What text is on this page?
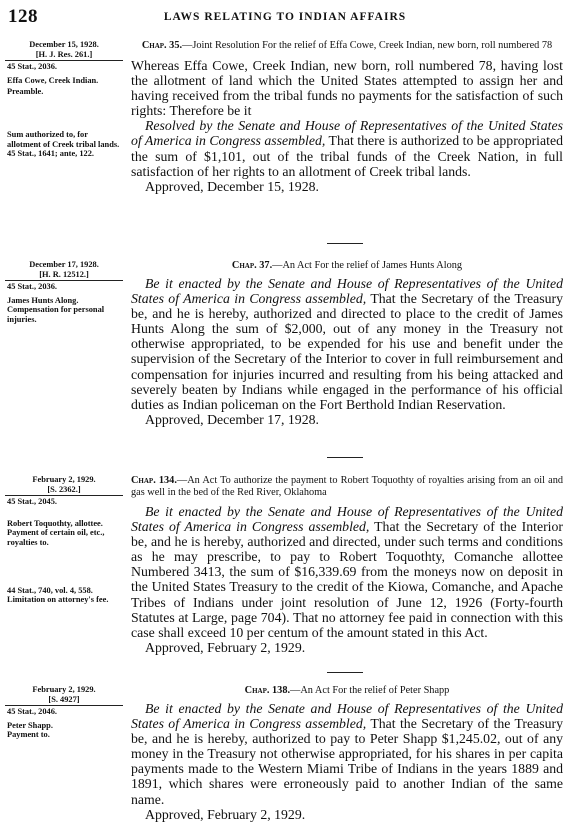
128	LAWS RELATING TO INDIAN AFFAIRS
December 15, 1928.
[H. J. Res. 261.]
45 Stat., 2036.
Effa Cowe, Creek Indian.
Preamble.
Sum authorized to, for allotment of Creek tribal lands.
45 Stat., 1641; ante, 122.
Chap. 35.—Joint Resolution For the relief of Effa Cowe, Creek Indian, new born, roll numbered 78

Whereas Effa Cowe, Creek Indian, new born, roll numbered 78, having lost the allotment of land which the United States attempted to assign her and having received from the tribal funds no payments for the satisfaction of such rights: Therefore be it

Resolved by the Senate and House of Representatives of the United States of America in Congress assembled, That there is authorized to be appropriated the sum of $1,101, out of the tribal funds of the Creek Nation, in full satisfaction of her rights to an allotment of Creek tribal lands.

Approved, December 15, 1928.
December 17, 1928.
[H. R. 12512.]
45 Stat., 2036.
James Hunts Along.
Compensation for personal injuries.
Chap. 37.—An Act For the relief of James Hunts Along

Be it enacted by the Senate and House of Representatives of the United States of America in Congress assembled, That the Secretary of the Treasury be, and he is hereby, authorized and directed to place to the credit of James Hunts Along the sum of $2,000, out of any money in the Treasury not otherwise appropriated, to be expended for his use and benefit under the supervision of the Secretary of the Interior to cover in full reimbursement and compensation for injuries incurred and resulting from his being attacked and severely beaten by Indians while engaged in the performance of his official duties as Indian policeman on the Fort Berthold Indian Reservation.

Approved, December 17, 1928.
February 2, 1929.
[S. 2362.]
45 Stat., 2045.
Robert Toquothty, allottee.
Payment of certain oil, etc., royalties to.
44 Stat., 740, vol. 4, 558.
Limitation on attorney's fee.
Chap. 134.—An Act To authorize the payment to Robert Toquothty of royalties arising from an oil and gas well in the bed of the Red River, Oklahoma

Be it enacted by the Senate and House of Representatives of the United States of America in Congress assembled, That the Secretary of the Interior be, and he is hereby, authorized and directed, under such terms and conditions as he may prescribe, to pay to Robert Toquothty, Comanche allottee Numbered 3413, the sum of $16,339.69 from the moneys now on deposit in the United States Treasury to the credit of the Kiowa, Comanche, and Apache Tribes of Indians under joint resolution of June 12, 1926 (Forty-fourth Statutes at Large, page 704). That no attorney fee paid in connection with this case shall exceed 10 per centum of the amount stated in this Act.

Approved, February 2, 1929.
February 2, 1929.
[S. 4927]
45 Stat., 2046.
Peter Shapp.
Payment to.
Chap. 138.—An Act For the relief of Peter Shapp

Be it enacted by the Senate and House of Representatives of the United States of America in Congress assembled, That the Secretary of the Treasury be, and he is hereby, authorized to pay to Peter Shapp $1,245.02, out of any money in the Treasury not otherwise appropriated, for his shares in per capita payments made to the Western Miami Tribe of Indians in the years 1889 and 1891, which shares were erroneously paid to another Indian of the same name.

Approved, February 2, 1929.
